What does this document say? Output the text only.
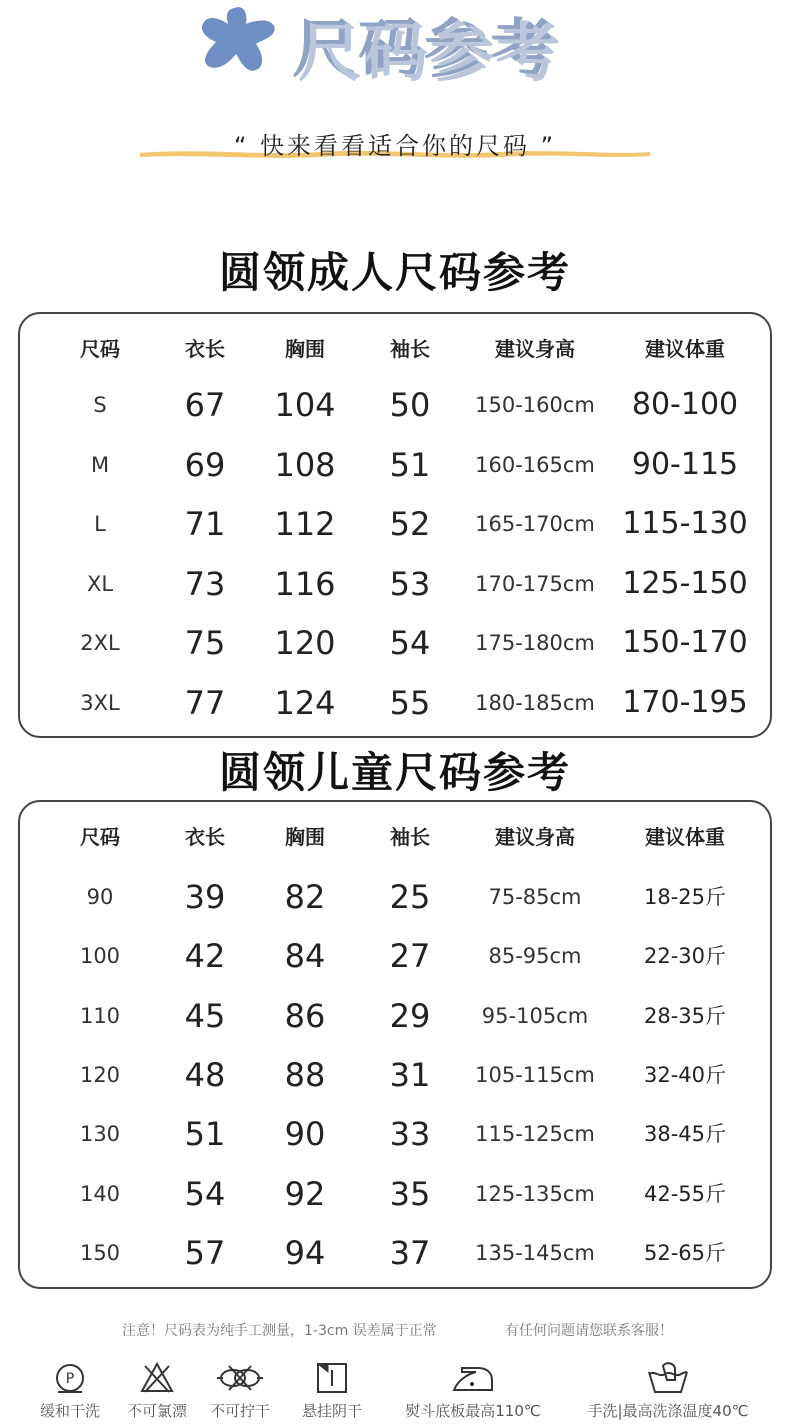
尺码参考
“ 快来看看适合你的尺码 ”
圆领成人尺码参考
尺码	衣长	胸围	袖长	建议身高	建议体重
S	67	104	50	150-160cm	80-100
M	69	108	51	160-165cm	90-115
L	71	112	52	165-170cm 115-130
XL	73	116	53	170-175cm 125-150
2XL	75	120	54	175-180cm 150-170
3XL	77	124	55	180-185cm 170-195
圆领儿童尺码参考
尺码	衣长	胸围	袖长	建议身高	建议体重
90	39	82	25	75-85cm	18-25斤
100	42	84	27	85-95cm	22-30斤
110	45	86	29	95-105cm	28-35斤
120	48	88	31	105-115cm	32-40斤
130	51	90	33	115-125cm	38-45斤
140	54	92	35	125-135cm	42-55斤
150	57	94	37	135-145cm	52-65斤
注意！尺码表为纯手工测量，1-3cm 误差属于正常	有任何问题请您联系客服！
P
缓和干洗	不可氯漂	不可拧干	悬挂阴干	熨斗底板最高110℃	手洗|最高洗涤温度40℃
